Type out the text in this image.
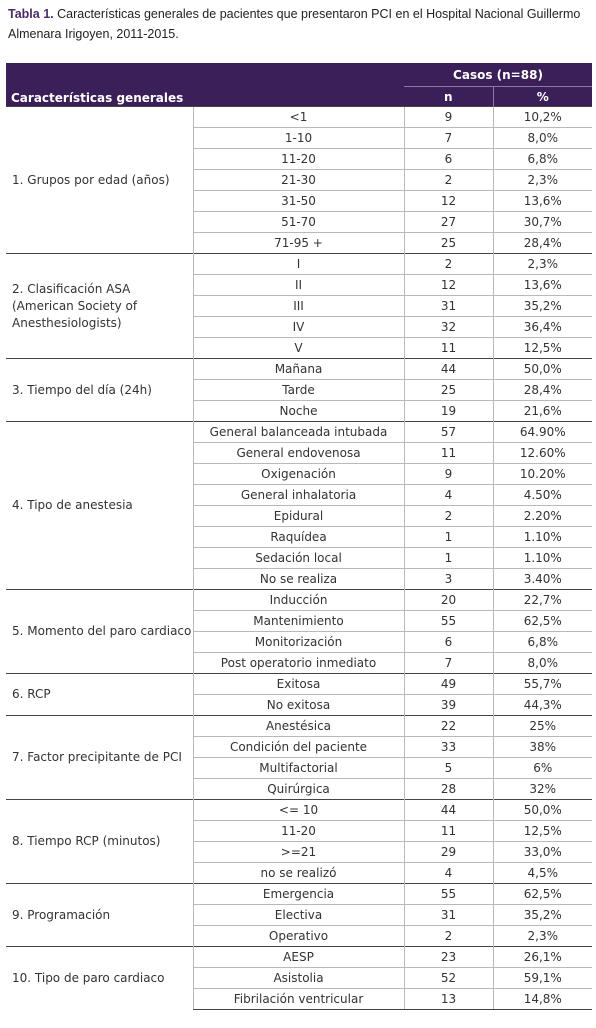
Tabla 1. Características generales de pacientes que presentaron PCI en el Hospital Nacional Guillermo Almenara Irigoyen, 2011-2015.
Características generales		Casos (n=88)	
		n	%
1. Grupos por edad (años)	<1	9	10,2%
	1-10	7	8,0%
	11-20	6	6,8%
	21-30	2	2,3%
	31-50	12	13,6%
	51-70	27	30,7%
	71-95 +	25	28,4%
2. Clasificación ASA (American Society of Anesthesiologists)	I	2	2,3%
	II	12	13,6%
	III	31	35,2%
	IV	32	36,4%
	V	11	12,5%
3. Tiempo del día (24h)	Mañana	44	50,0%
	Tarde	25	28,4%
	Noche	19	21,6%
4. Tipo de anestesia	General balanceada intubada	57	64.90%
	General endovenosa	11	12.60%
	Oxigenación	9	10.20%
	General inhalatoria	4	4.50%
	Epidural	2	2.20%
	Raquídea	1	1.10%
	Sedación local	1	1.10%
	No se realiza	3	3.40%
5. Momento del paro cardiaco	Inducción	20	22,7%
	Mantenimiento	55	62,5%
	Monitorización	6	6,8%
	Post operatorio inmediato	7	8,0%
6. RCP	Exitosa	49	55,7%
	No exitosa	39	44,3%
7. Factor precipitante de PCI	Anestésica	22	25%
	Condición del paciente	33	38%
	Multifactorial	5	6%
	Quirúrgica	28	32%
8. Tiempo RCP (minutos)	<= 10	44	50,0%
	11-20	11	12,5%
	>=21	29	33,0%
	no se realizó	4	4,5%
9. Programación	Emergencia	55	62,5%
	Electiva	31	35,2%
	Operativo	2	2,3%
10. Tipo de paro cardiaco	AESP	23	26,1%
	Asistolia	52	59,1%
	Fibrilación ventricular	13	14,8%
